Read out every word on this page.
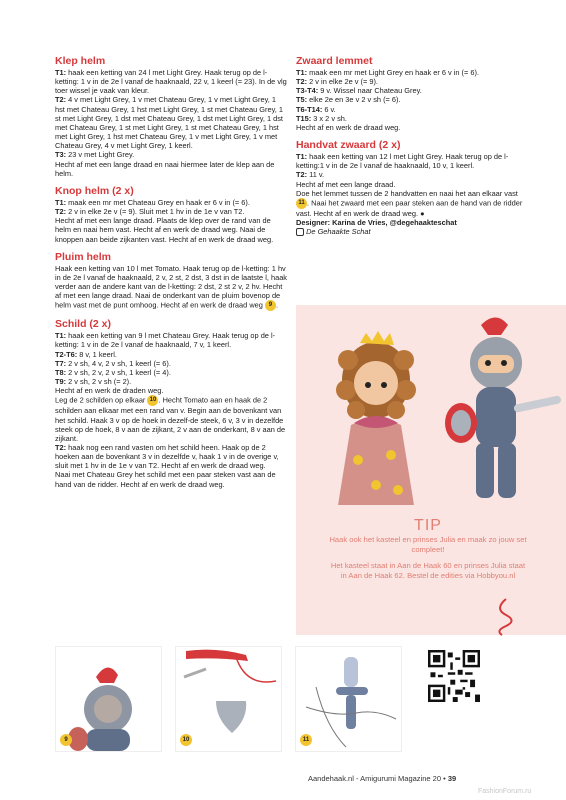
Klep helm

T1: haak een ketting van 24 l met Light Grey. Haak terug op de l-ketting: 1 v in de 2e l vanaf de haaknaald, 22 v, 1 keerl (= 23). In de vlg toer wissel je vaak van kleur.

T2: 4 v met Light Grey, 1 v met Chateau Grey, 1 v met Light Grey, 1 hst met Chateau Grey, 1 hst met Light Grey, 1 st met Chateau Grey, 1 st met Light Grey, 1 dst met Chateau Grey, 1 dst met Light Grey, 1 dst met Chateau Grey, 1 st met Light Grey, 1 st met Chateau Grey, 1 hst met Light Grey, 1 hst met Chateau Grey, 1 v met Light Grey, 1 v met Chateau Grey, 4 v met Light Grey, 1 keerl.

T3: 23 v met Light Grey.

Hecht af met een lange draad en naai hiermee later de klep aan de helm.

Knop helm (2 x)

T1: maak een mr met Chateau Grey en haak er 6 v in (= 6).

T2: 2 v in elke 2e v (= 9). Sluit met 1 hv in de 1e v van T2.

Hecht af met een lange draad. Plaats de klep over de rand van de helm en naai hem vast. Hecht af en werk de draad weg. Naai de knoppen aan beide zijkanten vast. Hecht af en werk de draad weg.

Pluim helm

Haak een ketting van 10 l met Tomato. Haak terug op de l-ketting: 1 hv in de 2e l vanaf de haaknaald, 2 v, 2 st, 2 dst, 3 dst in de laatste l, haak verder aan de andere kant van de l-ketting: 2 dst, 2 st 2 v, 2 hv. Hecht af met een lange draad. Naai de onderkant van de pluim bovenop de helm vast met de punt omhoog. Hecht af en werk de draad weg 9 .

Schild (2 x)

T1: haak een ketting van 9 l met Chateau Grey. Haak terug op de l-ketting: 1 v in de 2e l vanaf de haaknaald, 7 v, 1 keerl.

T2-T6: 8 v, 1 keerl.

T7: 2 v sh, 4 v, 2 v sh, 1 keerl (= 6).

T8: 2 v sh, 2 v, 2 v sh, 1 keerl (= 4).

T9: 2 v sh, 2 v sh (= 2).

Hecht af en werk de draden weg.

Leg de 2 schilden op elkaar 10 . Hecht Tomato aan en haak de 2 schilden aan elkaar met een rand van v. Begin aan de bovenkant van het schild. Haak 3 v op de hoek in dezelf-de steek, 6 v, 3 v in dezelfde steek op de hoek, 8 v aan de zijkant, 2 v aan de onderkant, 8 v aan de zijkant.

T2: haak nog een rand vasten om het schild heen. Haak op de 2 hoeken aan de bovenkant 3 v in dezelfde v, haak 1 v in de overige v, sluit met 1 hv in de 1e v van T2. Hecht af en werk de draad weg.

Naai met Chateau Grey het schild met een paar steken vast aan de hand van de ridder. Hecht af en werk de draad weg.

Zwaard lemmet

T1: maak een mr met Light Grey en haak er 6 v in (= 6).

T2: 2 v in elke 2e v (= 9).

T3-T4: 9 v. Wissel naar Chateau Grey.

T5: elke 2e en 3e v 2 v sh (= 6).

T6-T14: 6 v.

T15: 3 x 2 v sh.

Hecht af en werk de draad weg.

Handvat zwaard (2 x)

T1: haak een ketting van 12 l met Light Grey. Haak terug op de l-ketting:1 v in de 2e l vanaf de haaknaald, 10 v, 1 keerl.

T2: 11 v.

Hecht af met een lange draad.

Doe het lemmet tussen de 2 handvatten en naai het aan elkaar vast 11 . Naai het zwaard met een paar steken aan de hand van de ridder vast. Hecht af en werk de draad weg. ●

Designer: Karina de Vries, @degehaakteschat

De Gehaakte Schat

TIP
Haak ook het kasteel en prinses Julia en maak zo jouw set compleet!
Het kasteel staat in Aan de Haak 60 en prinses Julia staat in Aan de Haak 62. Bestel de edities via Hobbyou.nl
9	10	11
Aandehaak.nl - Amigurumi Magazine 20 • 39
FashionForum.ru
